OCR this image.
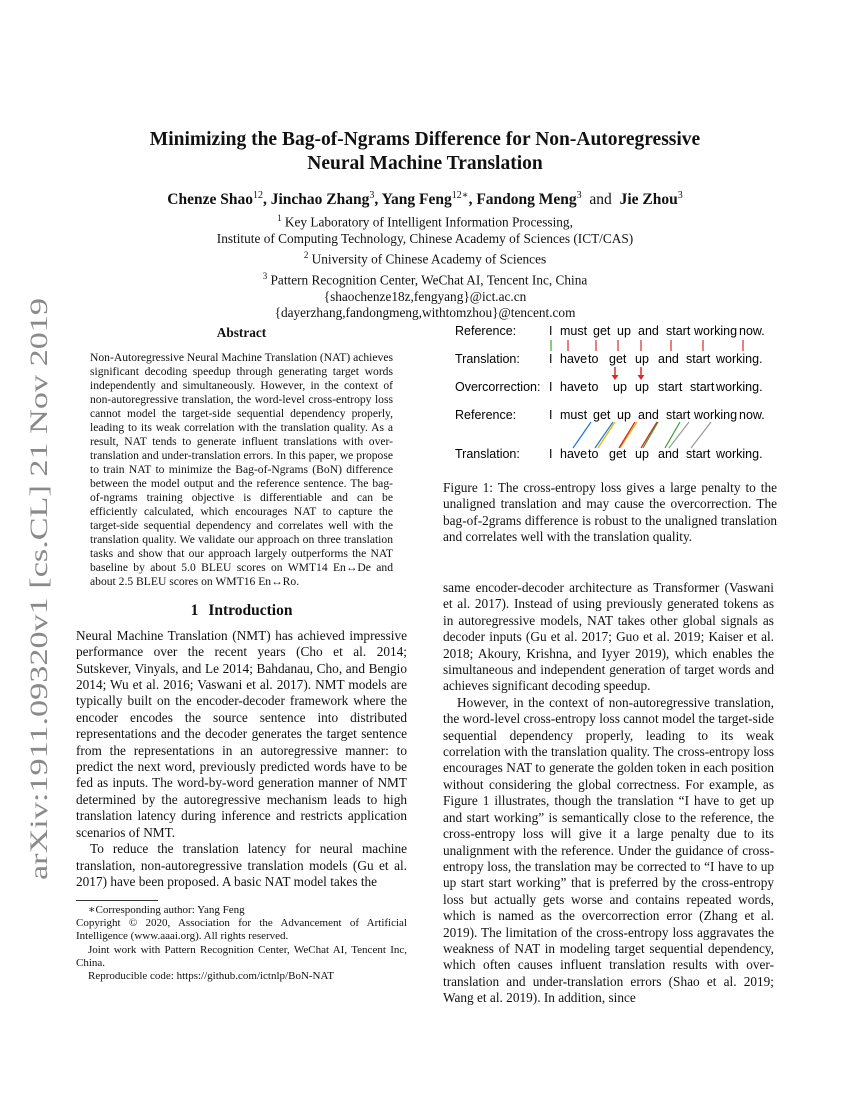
arXiv:1911.09320v1 [cs.CL] 21 Nov 2019

Minimizing the Bag-of-Ngrams Difference for Non-Autoregressive
Neural Machine Translation

Chenze Shao$^{12}$, Jinchao Zhang$^3$, Yang Feng$^{12∗}$, Fandong Meng$^3$ and Jie Zhou$^3$
$^1$ Key Laboratory of Intelligent Information Processing,
Institute of Computing Technology, Chinese Academy of Sciences (ICT/CAS)
$^2$ University of Chinese Academy of Sciences
$^3$ Pattern Recognition Center, WeChat AI, Tencent Inc, China
{shaochenze18z,fengyang}@ict.ac.cn
{dayerzhang,fandongmeng,withtomzhou}@tencent.com
Abstract

Non-Autoregressive Neural Machine Translation (NAT) achieves significant decoding speedup through generating target words independently and simultaneously. However, in the context of non-autoregressive translation, the word-level cross-entropy loss cannot model the target-side sequential dependency properly, leading to its weak correlation with the translation quality. As a result, NAT tends to generate influent translations with over-translation and under-translation errors. In this paper, we propose to train NAT to minimize the Bag-of-Ngrams (BoN) difference between the model output and the reference sentence. The bag-of-ngrams training objective is differentiable and can be efficiently calculated, which encourages NAT to capture the target-side sequential dependency and correlates well with the translation quality. We validate our approach on three translation tasks and show that our approach largely outperforms the NAT baseline by about 5.0 BLEU scores on WMT14 En↔De and about 2.5 BLEU scores on WMT16 En↔Ro.

1 Introduction

Neural Machine Translation (NMT) has achieved impressive performance over the recent years (Cho et al. 2014; Sutskever, Vinyals, and Le 2014; Bahdanau, Cho, and Bengio 2014; Wu et al. 2016; Vaswani et al. 2017). NMT models are typically built on the encoder-decoder framework where the encoder encodes the source sentence into distributed representations and the decoder generates the target sentence from the representations in an autoregressive manner: to predict the next word, previously predicted words have to be fed as inputs. The word-by-word generation manner of NMT determined by the autoregressive mechanism leads to high translation latency during inference and restricts application scenarios of NMT.

To reduce the translation latency for neural machine translation, non-autoregressive translation models (Gu et al. 2017) have been proposed. A basic NAT model takes the

∗Corresponding author: Yang Feng

Copyright © 2020, Association for the Advancement of Artificial Intelligence (www.aaai.org). All rights reserved.

Joint work with Pattern Recognition Center, WeChat AI, Tencent Inc, China.

Reproducible code: https://github.com/ictnlp/BoN-NAT

Reference:
Translation:
Overcorrection:
Reference:
Translation:
I must get up and start working now.
I have to get up and start working.
I have to up up start start working.
I must get up and start working now.
I have to get up and start working.
Figure 1: The cross-entropy loss gives a large penalty to the unaligned translation and may cause the overcorrection. The bag-of-2grams difference is robust to the unaligned translation and correlates well with the translation quality.

same encoder-decoder architecture as Transformer (Vaswani et al. 2017). Instead of using previously generated tokens as in autoregressive models, NAT takes other global signals as decoder inputs (Gu et al. 2017; Guo et al. 2019; Kaiser et al. 2018; Akoury, Krishna, and Iyyer 2019), which enables the simultaneous and independent generation of target words and achieves significant decoding speedup.

However, in the context of non-autoregressive translation, the word-level cross-entropy loss cannot model the target-side sequential dependency properly, leading to its weak correlation with the translation quality. The cross-entropy loss encourages NAT to generate the golden token in each position without considering the global correctness. For example, as Figure 1 illustrates, though the translation “I have to get up and start working” is semantically close to the reference, the cross-entropy loss will give it a large penalty due to its unalignment with the reference. Under the guidance of cross-entropy loss, the translation may be corrected to “I have to up up start start working” that is preferred by the cross-entropy loss but actually gets worse and contains repeated words, which is named as the overcorrection error (Zhang et al. 2019). The limitation of the cross-entropy loss aggravates the weakness of NAT in modeling target sequential dependency, which often causes influent translation results with over-translation and under-translation errors (Shao et al. 2019; Wang et al. 2019). In addition, since
